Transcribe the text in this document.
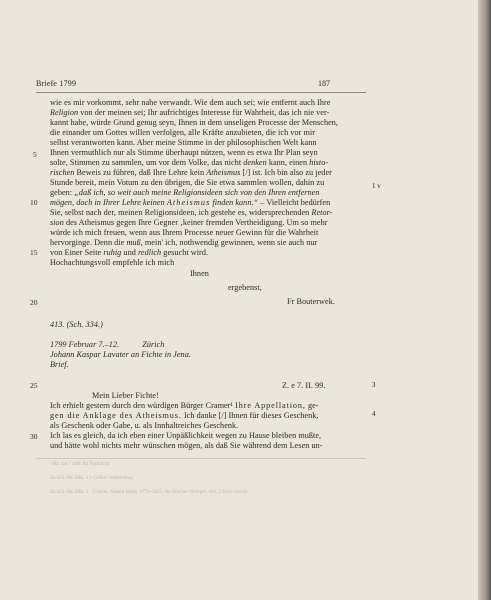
Briefe 1799	187
wie es mir vorkommt, sehr nahe verwandt. Wie dem auch sei; wie entfernt auch Ihre
Religion von der meinen sei; Ihr aufrichtiges Interesse für Wahrheit, das ich nie ver-
kannt habe, würde Grund genug seyn, Ihnen in dem unseligen Processe der Menschen,
die einander um Gottes willen verfolgen, alle Kräfte anzubieten, die ich vor mir
selbst verantworten kann. Aber meine Stimme in der philosophischen Welt kann
Ihnen vermuthlich nur als Stimme überhaupt nützen, wenn es etwa Ihr Plan seyn
solte, Stimmen zu sammlen, um vor dem Volke, das nicht denken kann, einen histo-
rischen Beweis zu führen, daß Ihre Lehre kein Atheismus [/] ist. Ich bin also zu jeder
Stunde bereit, mein Votum zu den übrigen, die Sie etwa sammlen wollen, dahin zu
geben: „daß ich, so weit auch meine Religionsideen sich von den Ihren entfernen
mögen, doch in Ihrer Lehre keinen Atheismus finden kann.“ – Vielleicht bedürfen
Sie, selbst nach der, meinen Religionsideen, ich gestehe es, widersprechenden Retor-
sion des Atheismus gegen Ihre Gegner ‚keiner fremden Vertheidigung. Um so mehr
würde ich mich freuen, wenn aus Ihrem Processe neuer Gewinn für die Wahrheit
hervorginge. Denn die muß, mein' ich, nothwendig gewinnen, wenn sie auch nur
von Einer Seite ruhig und redlich gesucht wird.
Hochachtungsvoll empfehle ich mich
Ihnen
ergebenst,
Fr Bouterwek.
413. (Sch. 334.)
1799 Februar 7.–12.           Zürich
Johann Kaspar Lavater an Fichte in Jena.
Brief.
Z. e 7. II. 99.
Mein Lieber Fichte!
Ich erhielt gestern durch den würdigen Bürger Cramer¹ Ihre Appellation, ge-
gen die Anklage des Atheismus. Ich danke [/] Ihnen für dieses Geschenk,
als Geschenk oder Gabe, u. als Innhaltreiches Geschenk.
Ich las es gleich, da ich eben einer Unpäßlichkeit wegen zu Hause bleiben mußte,
und hätte wohl nichts mehr wünschen mögen, als daß Sie während dem Lesen un-
5
10
15
20
25
30
1 v
3
4
¹ Hs: das ² zdH: Ihr Forschrift
Zu 413: Hs: EKL 1 v Gröbe ² Schmetling
Zu 413: Hs: EKL 1 · Cramer, Johann Jakob, 1771–1855, der Zürcher Verleger; ebd. 2 Jahre zurück.
